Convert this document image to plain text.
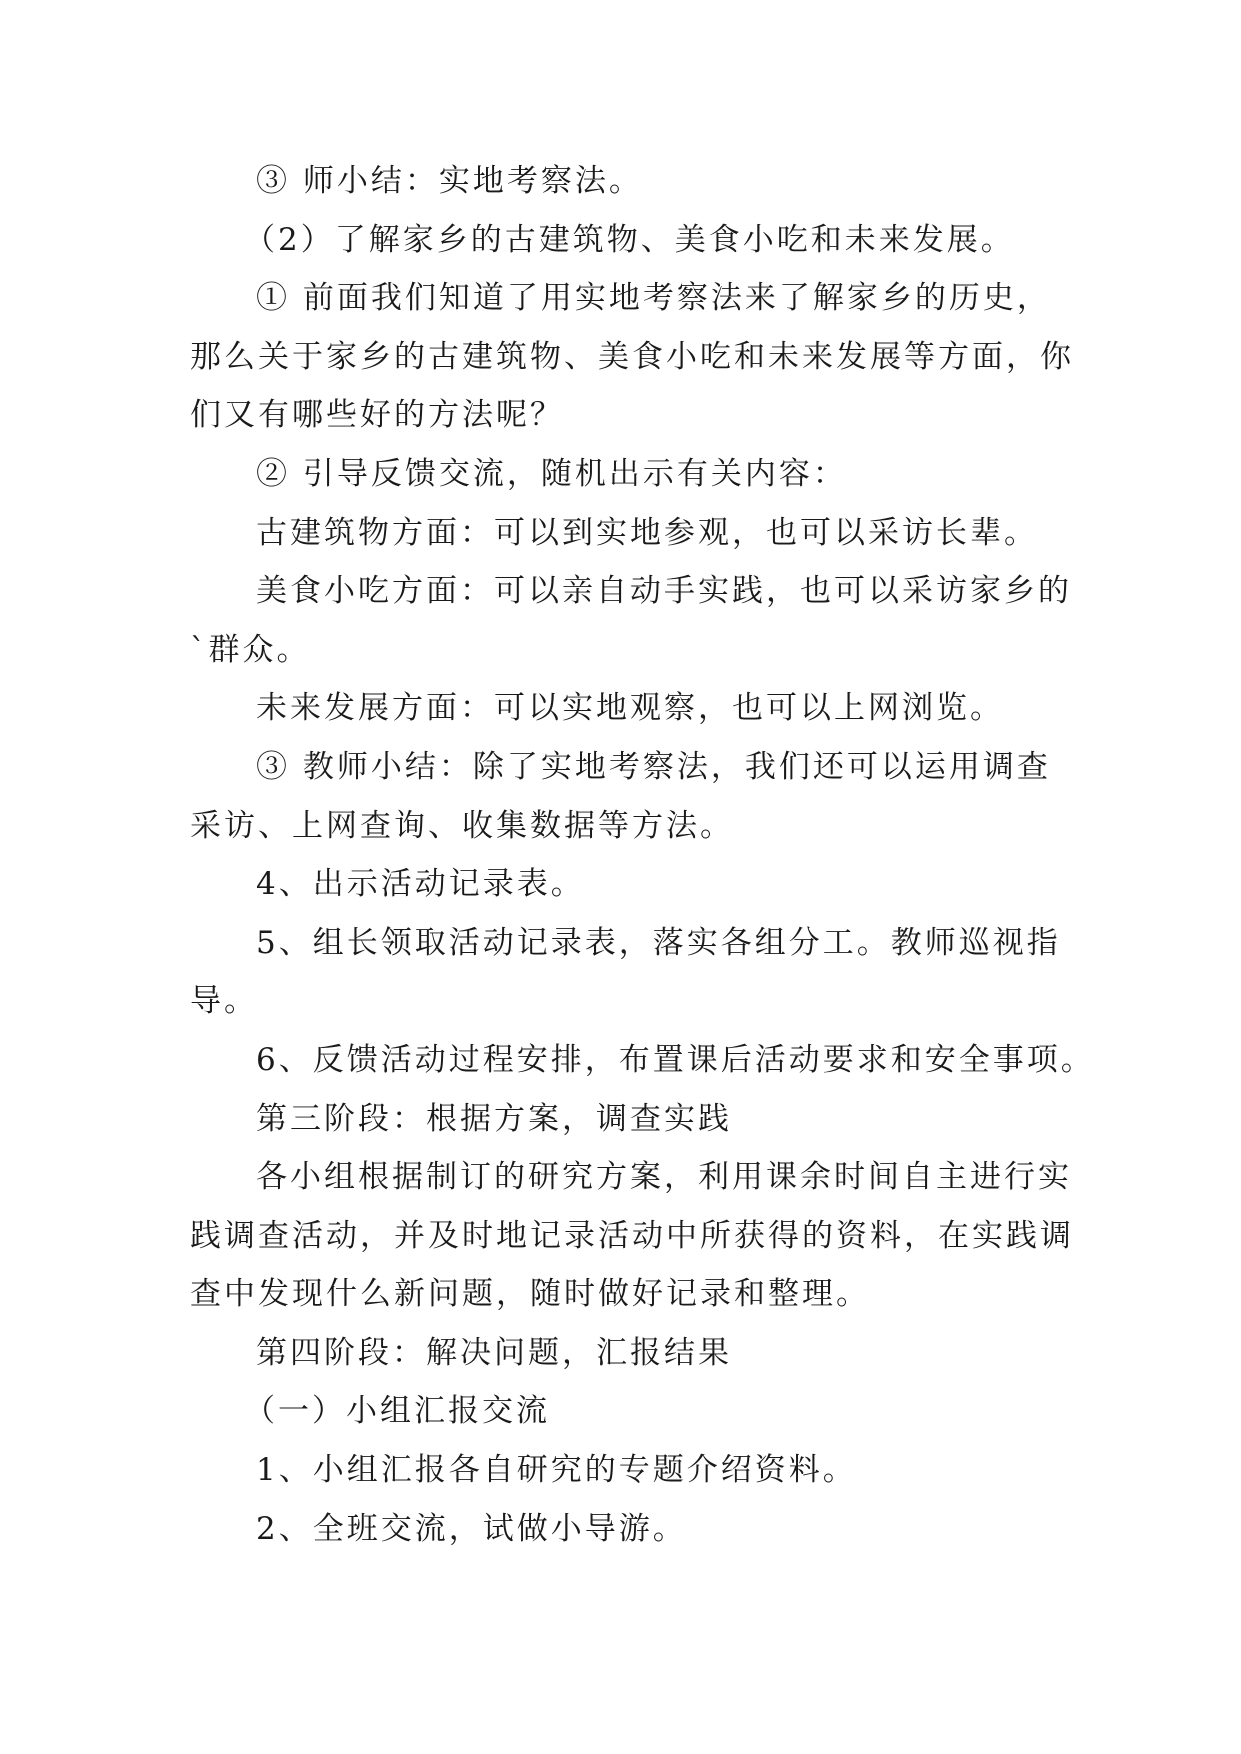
③ 师小结：实地考察法。
（2）了解家乡的古建筑物、美食小吃和未来发展。
① 前面我们知道了用实地考察法来了解家乡的历史，
那么关于家乡的古建筑物、美食小吃和未来发展等方面，你
们又有哪些好的方法呢？
② 引导反馈交流，随机出示有关内容：
古建筑物方面：可以到实地参观，也可以采访长辈。
美食小吃方面：可以亲自动手实践，也可以采访家乡的
`群众。
未来发展方面：可以实地观察，也可以上网浏览。
③ 教师小结：除了实地考察法，我们还可以运用调查
采访、上网查询、收集数据等方法。
4、出示活动记录表。
5、组长领取活动记录表，落实各组分工。教师巡视指
导。
6、反馈活动过程安排，布置课后活动要求和安全事项。
第三阶段：根据方案，调查实践
各小组根据制订的研究方案，利用课余时间自主进行实
践调查活动，并及时地记录活动中所获得的资料，在实践调
查中发现什么新问题，随时做好记录和整理。
第四阶段：解决问题，汇报结果
（一）小组汇报交流
1、小组汇报各自研究的专题介绍资料。
2、全班交流，试做小导游。
